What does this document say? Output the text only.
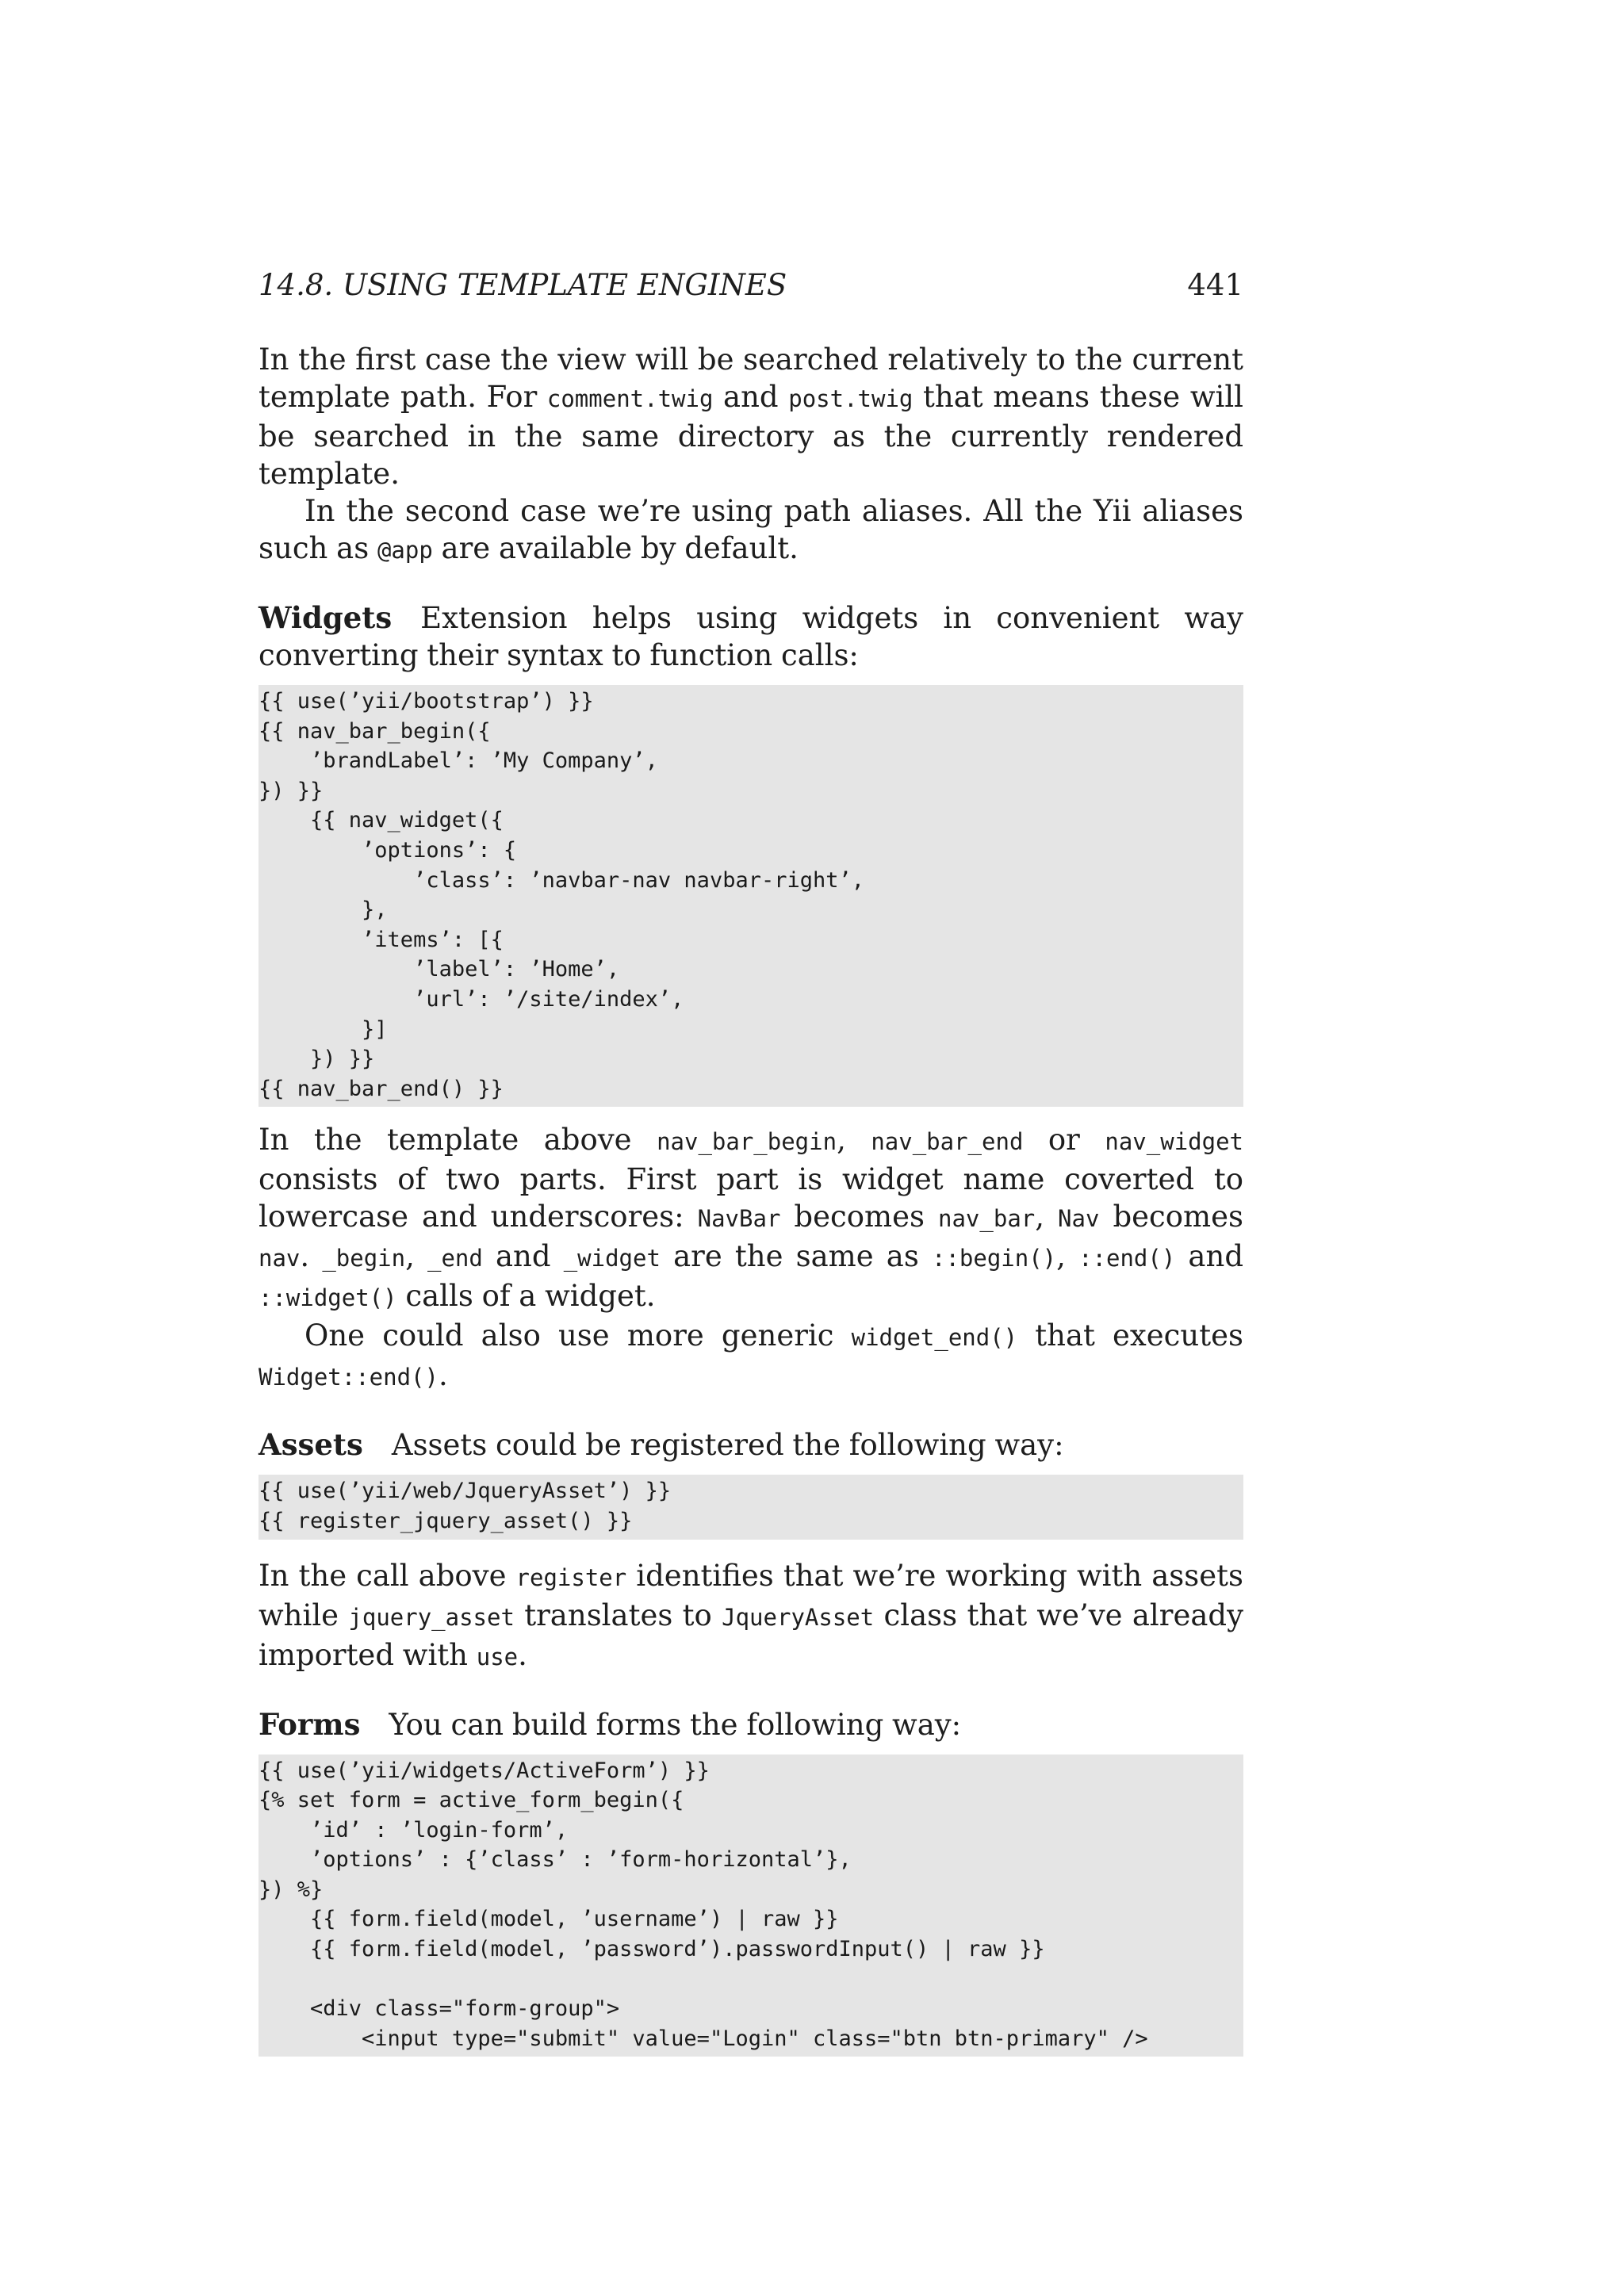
14.8. USING TEMPLATE ENGINES	441

In the first case the view will be searched relatively to the current template path. For comment.twig and post.twig that means these will be searched in the same directory as the currently rendered template.

In the second case we’re using path aliases. All the Yii aliases such as @app are available by default.

Widgets Extension helps using widgets in convenient way converting their syntax to function calls:

{{ use(’yii/bootstrap’) }}
{{ nav_bar_begin({
’brandLabel’: ’My Company’,
}) }}
{{ nav_widget({
’options’: {
’class’: ’navbar-nav navbar-right’,
},
’items’: [{
’label’: ’Home’,
’url’: ’/site/index’,
}]
}) }}
{{ nav_bar_end() }}

In the template above nav_bar_begin, nav_bar_end or nav_widget consists of two parts. First part is widget name coverted to lowercase and underscores: NavBar becomes nav_bar, Nav becomes nav. _begin, _end and _widget are the same as ::begin(), ::end() and ::widget() calls of a widget.

One could also use more generic widget_end() that executes Widget::end().

Assets Assets could be registered the following way:

{{ use(’yii/web/JqueryAsset’) }}
{{ register_jquery_asset() }}

In the call above register identifies that we’re working with assets while jquery_asset translates to JqueryAsset class that we’ve already imported with use.

Forms You can build forms the following way:

{{ use(’yii/widgets/ActiveForm’) }}
{% set form = active_form_begin({
’id’ : ’login-form’,
’options’ : {’class’ : ’form-horizontal’},
}) %}
{{ form.field(model, ’username’) | raw }}
{{ form.field(model, ’password’).passwordInput() | raw }}
<div class="form-group">
<input type="submit" value="Login" class="btn btn-primary" />
